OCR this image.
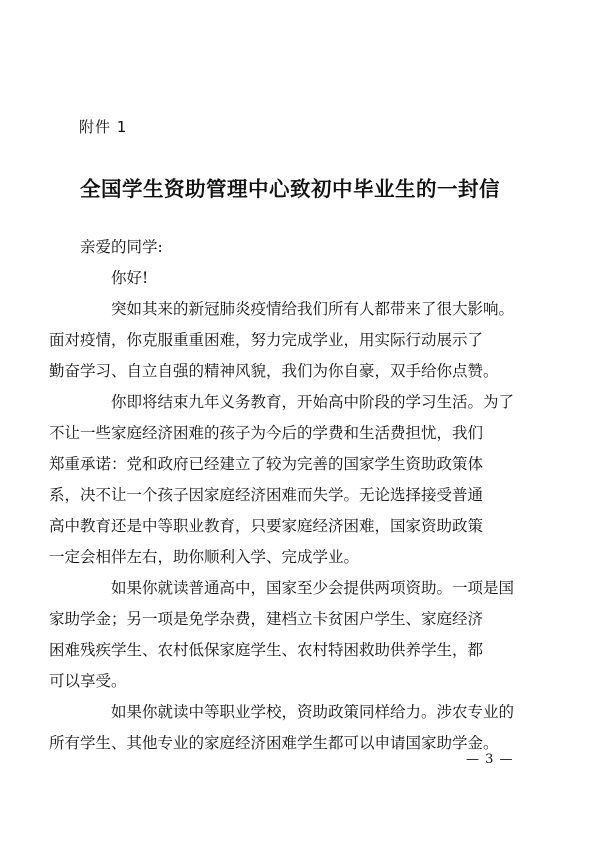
附件 1
全国学生资助管理中心致初中毕业生的一封信

亲爱的同学:

你好!

突如其来的新冠肺炎疫情给我们所有人都带来了很大影响。
面对疫情，你克服重重困难，努力完成学业，用实际行动展示了
勤奋学习、自立自强的精神风貌，我们为你自豪，双手给你点赞。

你即将结束九年义务教育，开始高中阶段的学习生活。为了
不让一些家庭经济困难的孩子为今后的学费和生活费担忧，我们
郑重承诺：党和政府已经建立了较为完善的国家学生资助政策体
系，决不让一个孩子因家庭经济困难而失学。无论选择接受普通
高中教育还是中等职业教育，只要家庭经济困难，国家资助政策
一定会相伴左右，助你顺利入学、完成学业。

如果你就读普通高中，国家至少会提供两项资助。一项是国
家助学金；另一项是免学杂费，建档立卡贫困户学生、家庭经济
困难残疾学生、农村低保家庭学生、农村特困救助供养学生，都
可以享受。

如果你就读中等职业学校，资助政策同样给力。涉农专业的
所有学生、其他专业的家庭经济困难学生都可以申请国家助学金。

— 3 —
